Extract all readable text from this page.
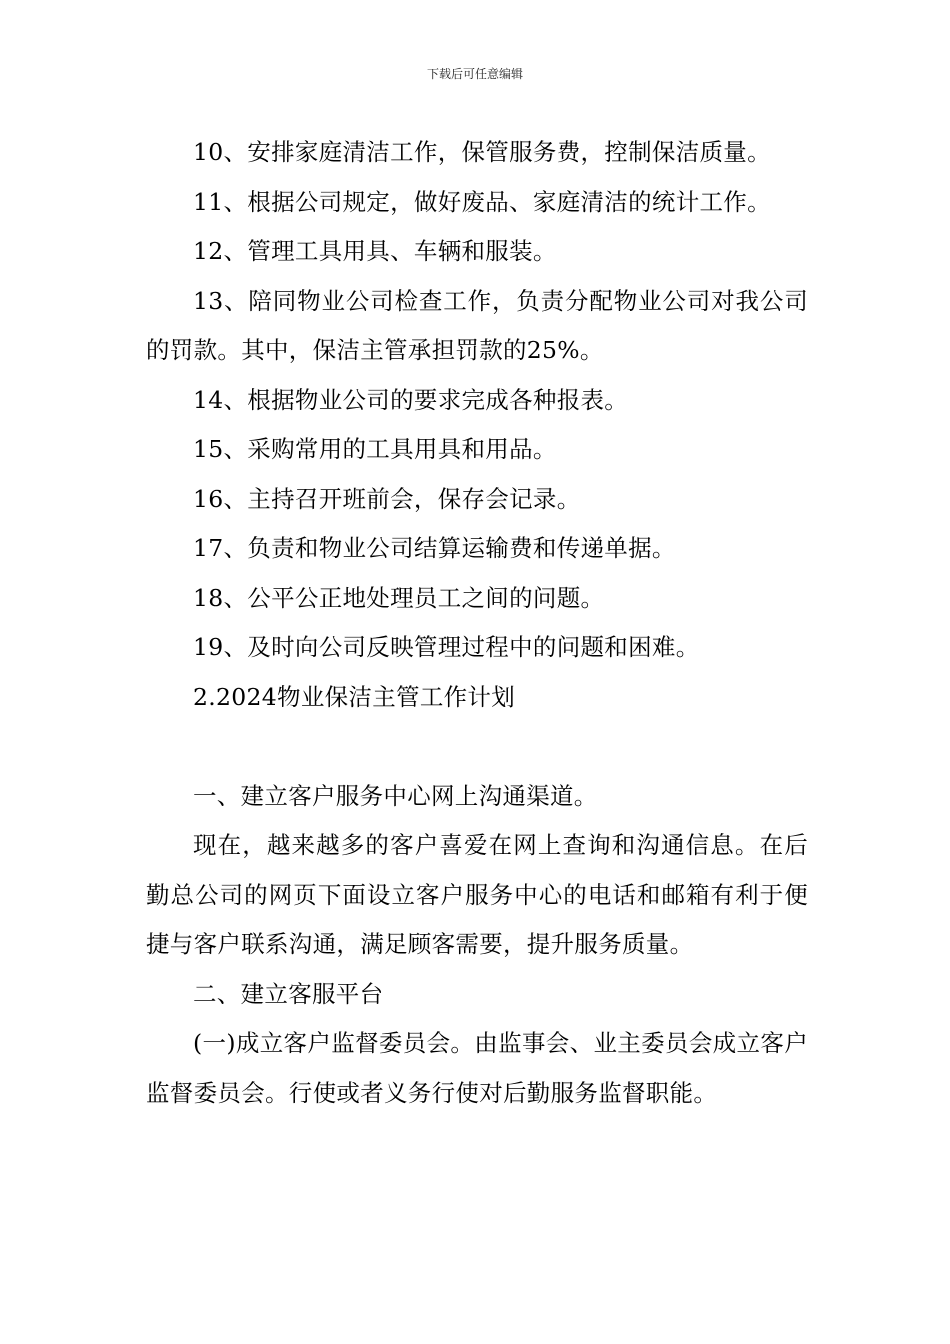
下载后可任意编辑

10、安排家庭清洁工作，保管服务费，控制保洁质量。

11、根据公司规定，做好废品、家庭清洁的统计工作。

12、管理工具用具、车辆和服装。

13、陪同物业公司检查工作，负责分配物业公司对我公司的罚款。其中，保洁主管承担罚款的25%。

14、根据物业公司的要求完成各种报表。

15、采购常用的工具用具和用品。

16、主持召开班前会，保存会记录。

17、负责和物业公司结算运输费和传递单据。

18、公平公正地处理员工之间的问题。

19、及时向公司反映管理过程中的问题和困难。

2.2024物业保洁主管工作计划

一、建立客户服务中心网上沟通渠道。

现在，越来越多的客户喜爱在网上查询和沟通信息。在后勤总公司的网页下面设立客户服务中心的电话和邮箱有利于便捷与客户联系沟通，满足顾客需要，提升服务质量。

二、建立客服平台

(一)成立客户监督委员会。由监事会、业主委员会成立客户监督委员会。行使或者义务行使对后勤服务监督职能。
